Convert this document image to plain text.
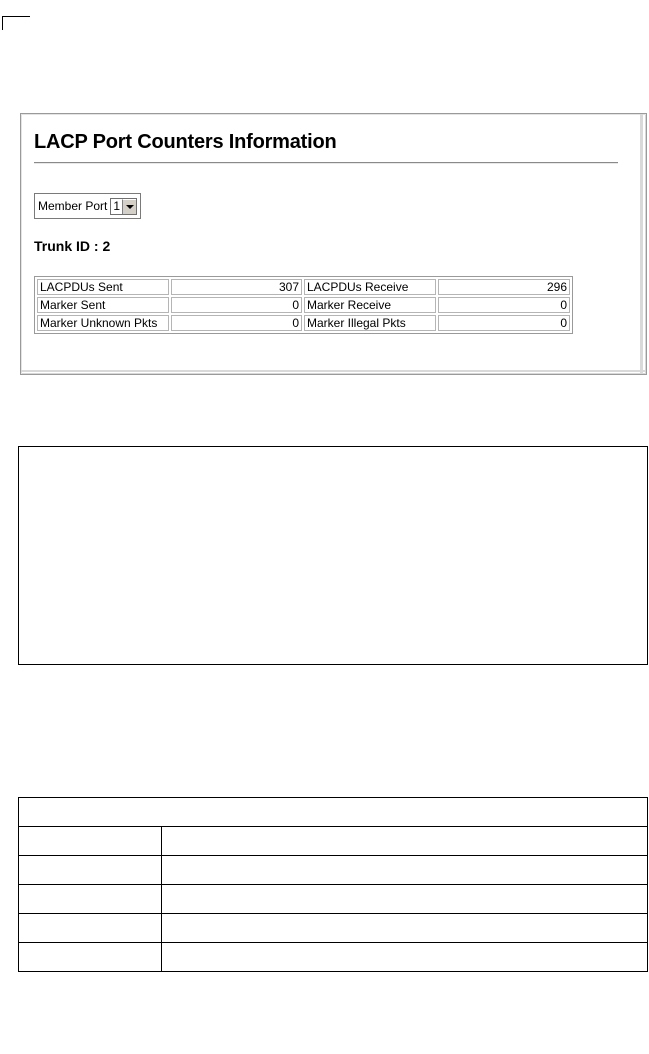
LACP Port Counters Information
Member Port 1

Trunk ID : 2

LACPDUs Sent	307	LACPDUs Receive	296
Marker Sent	0	Marker Receive	0
Marker Unknown Pkts	0	Marker Illegal Pkts	0
